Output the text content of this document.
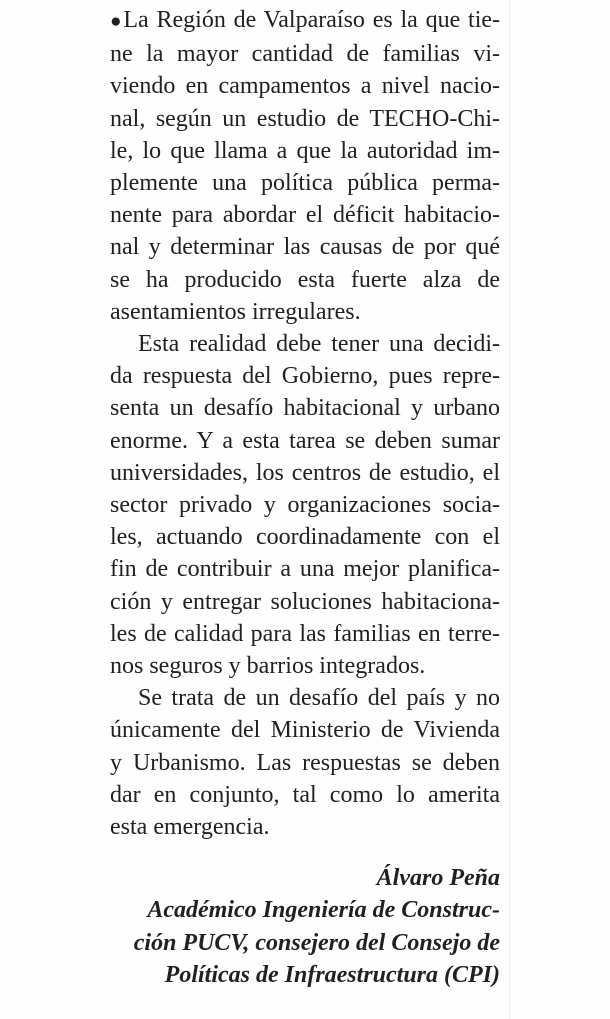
●La Región de Valparaíso es la que tie-
ne la mayor cantidad de familias vi-
viendo en campamentos a nivel nacio-
nal, según un estudio de TECHO-Chi-
le, lo que llama a que la autoridad im-
plemente una política pública perma-
nente para abordar el déficit habitacio-
nal y determinar las causas de por qué
se ha producido esta fuerte alza de
asentamientos irregulares.
Esta realidad debe tener una decidi-
da respuesta del Gobierno, pues repre-
senta un desafío habitacional y urbano
enorme. Y a esta tarea se deben sumar
universidades, los centros de estudio, el
sector privado y organizaciones socia-
les, actuando coordinadamente con el
fin de contribuir a una mejor planifica-
ción y entregar soluciones habitaciona-
les de calidad para las familias en terre-
nos seguros y barrios integrados.
Se trata de un desafío del país y no
únicamente del Ministerio de Vivienda
y Urbanismo. Las respuestas se deben
dar en conjunto, tal como lo amerita
esta emergencia.
Álvaro Peña
Académico Ingeniería de Construc-
ción PUCV, consejero del Consejo de
Políticas de Infraestructura (CPI)
